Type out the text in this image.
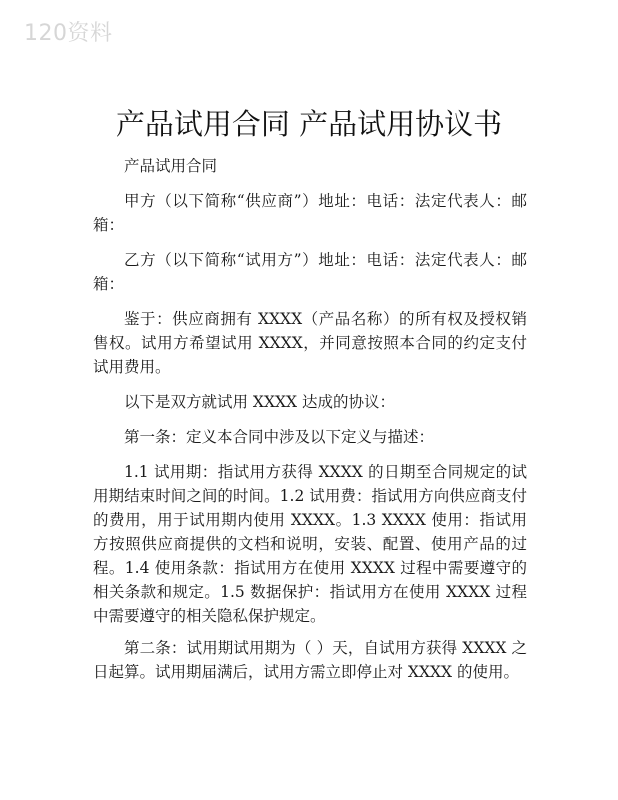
120资料
产品试用合同 产品试用协议书

产品试用合同

甲方（以下简称“供应商”）地址：电话：法定代表人：邮箱：

乙方（以下简称“试用方”）地址：电话：法定代表人：邮箱：

鉴于：供应商拥有 XXXX（产品名称）的所有权及授权销售权。试用方希望试用 XXXX，并同意按照本合同的约定支付试用费用。

以下是双方就试用 XXXX 达成的协议：

第一条：定义本合同中涉及以下定义与描述：

1.1 试用期：指试用方获得 XXXX 的日期至合同规定的试用期结束时间之间的时间。1.2 试用费：指试用方向供应商支付的费用，用于试用期内使用 XXXX。1.3 XXXX 使用：指试用方按照供应商提供的文档和说明，安装、配置、使用产品的过程。1.4 使用条款：指试用方在使用 XXXX 过程中需要遵守的相关条款和规定。1.5 数据保护：指试用方在使用 XXXX 过程中需要遵守的相关隐私保护规定。

第二条：试用期试用期为（ ）天，自试用方获得 XXXX 之日起算。试用期届满后，试用方需立即停止对 XXXX 的使用。
